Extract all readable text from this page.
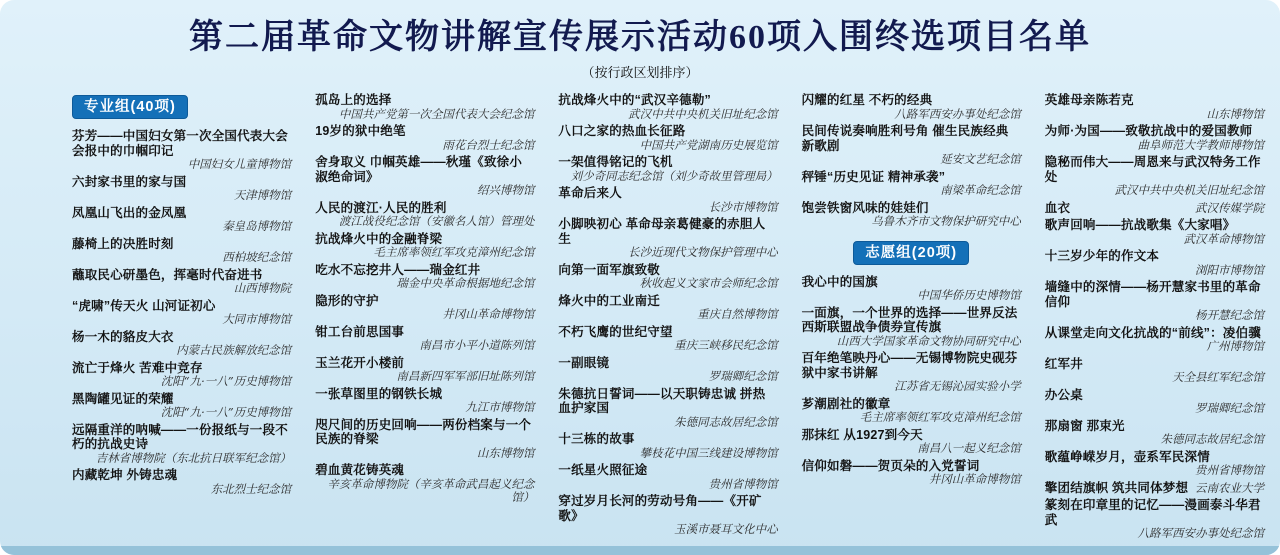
第二届革命文物讲解宣传展示活动60项入围终选项目名单
（按行政区划排序）
专业组(40项)
芬芳——中国妇女第一次全国代表大会会报中的巾帼印记
中国妇女儿童博物馆
六封家书里的家与国
天津博物馆
凤凰山飞出的金凤凰
秦皇岛博物馆
藤椅上的决胜时刻
西柏坡纪念馆
蘸取民心研墨色，挥毫时代奋进书
山西博物院
“虎啸”传天火 山河证初心
大同市博物馆
杨一木的貉皮大衣
内蒙古民族解放纪念馆
流亡于烽火 苦难中竞存
沈阳“九·一八”历史博物馆
黑陶罐见证的荣耀
沈阳“九·一八”历史博物馆
远隔重洋的呐喊——一份报纸与一段不朽的抗战史诗
吉林省博物院（东北抗日联军纪念馆）
内藏乾坤 外铸忠魂
东北烈士纪念馆
孤岛上的选择
中国共产党第一次全国代表大会纪念馆
19岁的狱中绝笔
雨花台烈士纪念馆
舍身取义 巾帼英雄——秋瑾《致徐小淑绝命词》
绍兴博物馆
人民的渡江·人民的胜利
渡江战役纪念馆（安徽名人馆）管理处
抗战烽火中的金融脊梁
毛主席率领红军攻克漳州纪念馆
吃水不忘挖井人——瑞金红井
瑞金中央革命根据地纪念馆
隐形的守护
井冈山革命博物馆
钳工台前思国事
南昌市小平小道陈列馆
玉兰花开小楼前
南昌新四军军部旧址陈列馆
一张草图里的钢铁长城
九江市博物馆
咫尺间的历史回响——两份档案与一个民族的脊梁
山东博物馆
碧血黄花铸英魂
辛亥革命博物院（辛亥革命武昌起义纪念馆）
抗战烽火中的“武汉辛德勒”
武汉中共中央机关旧址纪念馆
八口之家的热血长征路
中国共产党湖南历史展览馆
一架值得铭记的飞机
刘少奇同志纪念馆（刘少奇故里管理局）
革命后来人
长沙市博物馆
小脚映初心 革命母亲葛健豪的赤胆人生
长沙近现代文物保护管理中心
向第一面军旗致敬
秋收起义文家市会师纪念馆
烽火中的工业南迁
重庆自然博物馆
不朽飞鹰的世纪守望
重庆三峡移民纪念馆
一副眼镜
罗瑞卿纪念馆
朱德抗日誓词——以天职铸忠诚 拼热血护家国
朱德同志故居纪念馆
十三栋的故事
攀枝花中国三线建设博物馆
一纸星火照征途
贵州省博物馆
穿过岁月长河的劳动号角——《开矿歌》
玉溪市聂耳文化中心
闪耀的红星 不朽的经典
八路军西安办事处纪念馆
民间传说奏响胜利号角 催生民族经典新歌剧
延安文艺纪念馆
秤锤“历史见证 精神承袭”
南梁革命纪念馆
饱尝铁窗风味的娃娃们
乌鲁木齐市文物保护研究中心
志愿组(20项)
我心中的国旗
中国华侨历史博物馆
一面旗，一个世界的选择——世界反法西斯联盟战争债券宣传旗
山西大学国家革命文物协同研究中心
百年绝笔映丹心——无锡博物院史砚芬狱中家书讲解
江苏省无锡沁园实验小学
芗潮剧社的徽章
毛主席率领红军攻克漳州纪念馆
那抹红 从1927到今天
南昌八一起义纪念馆
信仰如磐——贺页朵的入党誓词
井冈山革命博物馆
英雄母亲陈若克
山东博物馆
为师·为国——致敬抗战中的爱国教师
曲阜师范大学教师博物馆
隐秘而伟大——周恩来与武汉特务工作处
武汉中共中央机关旧址纪念馆
血衣	武汉传媒学院
歌声回响——抗战歌集《大家唱》
武汉革命博物馆
十三岁少年的作文本
浏阳市博物馆
墙缝中的深情——杨开慧家书里的革命信仰
杨开慧纪念馆
从课堂走向文化抗战的“前线”：凌伯骥
广州博物馆
红军井
天全县红军纪念馆
办公桌
罗瑞卿纪念馆
那扇窗 那束光
朱德同志故居纪念馆
歌蕴峥嵘岁月，壶系军民深情
贵州省博物馆
擎团结旗帜 筑共同体梦想 云南农业大学
篆刻在印章里的记忆——漫画泰斗华君武
八路军西安办事处纪念馆
